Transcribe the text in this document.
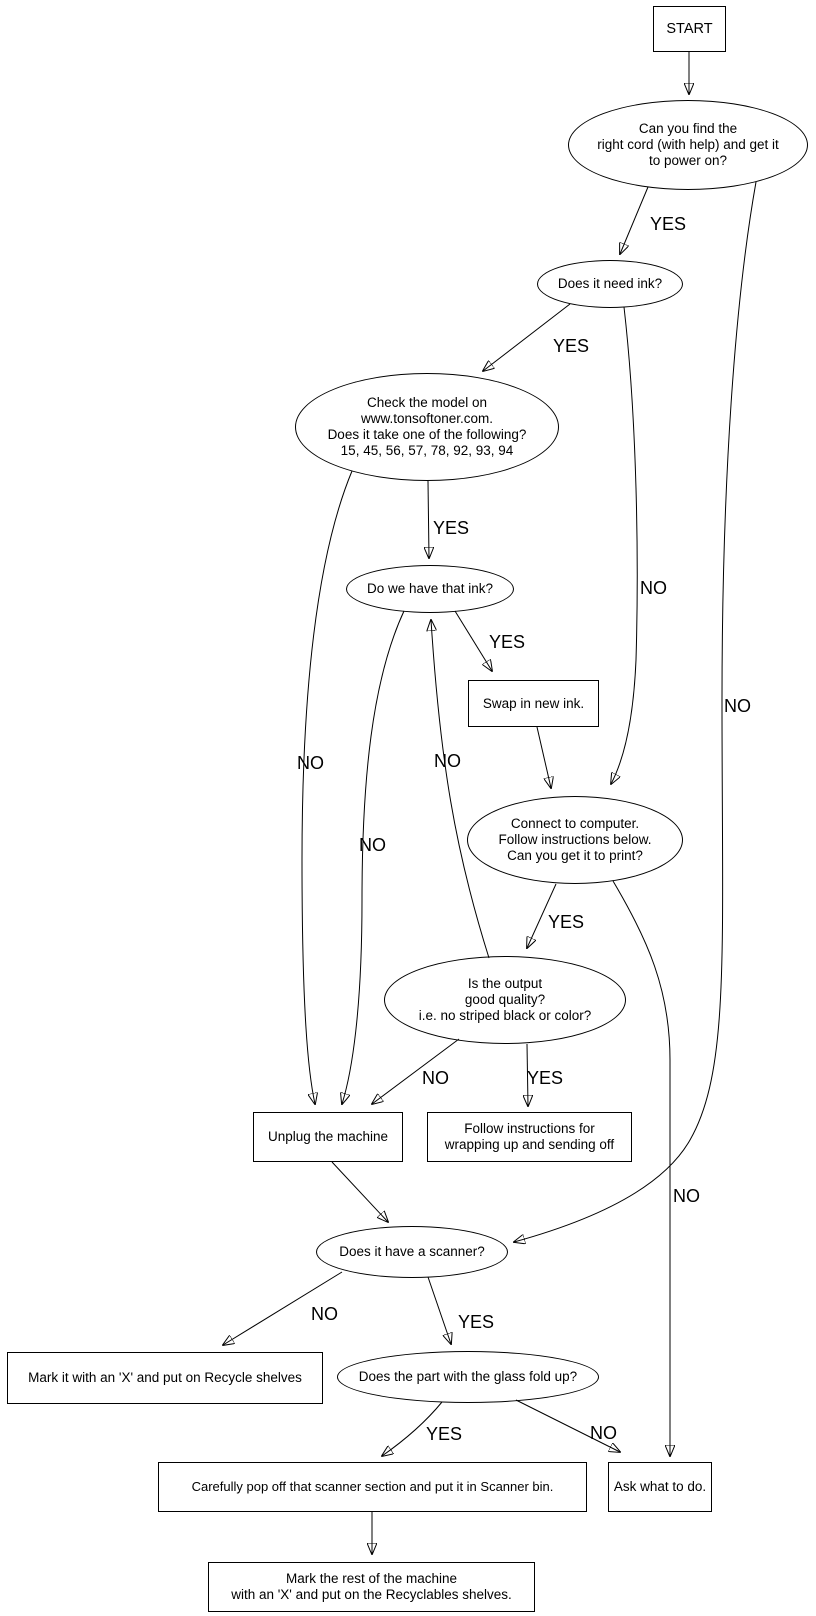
YES
YES
YES
NO
YES
NO
NO	NO
NO
YES
NO	YES
NO
NO	YES
YES	NO
START
Can you find the
right cord (with help) and get it
to power on?
Does it need ink?
Check the model on
www.tonsoftoner.com.
Does it take one of the following?
15, 45, 56, 57, 78, 92, 93, 94
Do we have that ink?
Swap in new ink.
Connect to computer.
Follow instructions below.
Can you get it to print?
Is the output
good quality?
i.e. no striped black or color?
Unplug the machine
Follow instructions for
wrapping up and sending off
Does it have a scanner?
Mark it with an 'X' and put on Recycle shelves	Does the part with the glass fold up?
Carefully pop off that scanner section and put it in Scanner bin.	Ask what to do.
Mark the rest of the machine
with an 'X' and put on the Recyclables shelves.
